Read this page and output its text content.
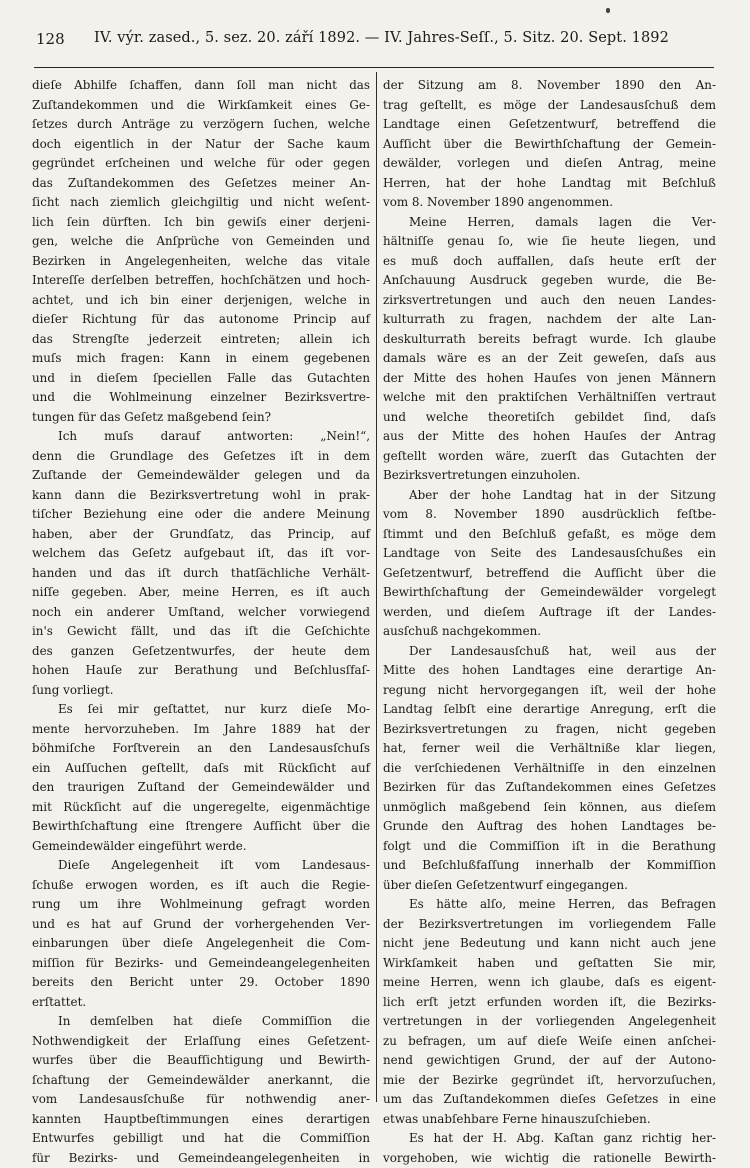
128 IV. výr. zased., 5. sez. 20. září 1892. — IV. Jahres-Seſſ., 5. Sitz. 20. Sept. 1892
dieſe Abhilfe ſchaffen, dann ſoll man nicht das
Zuſtandekommen und die Wirkſamkeit eines Ge-
ſetzes durch Anträge zu verzögern ſuchen, welche
doch eigentlich in der Natur der Sache kaum
gegründet erſcheinen und welche für oder gegen
das Zuſtandekommen des Geſetzes meiner An-
ſicht nach ziemlich gleichgiltig und nicht weſent-
lich ſein dürften. Ich bin gewiſs einer derjeni-
gen, welche die Anſprüche von Gemeinden und
Bezirken in Angelegenheiten, welche das vitale
Intereſſe derſelben betreffen, hochſchätzen und hoch-
achtet, und ich bin einer derjenigen, welche in
dieſer Richtung für das autonome Princip auf
das Strengſte jederzeit eintreten; allein ich
muſs mich fragen: Kann in einem gegebenen
und in dieſem ſpeciellen Falle das Gutachten
und die Wohlmeinung einzelner Bezirksvertre-
tungen für das Geſetz maßgebend ſein?
Ich muſs darauf antworten: „Nein!“,
denn die Grundlage des Geſetzes iſt in dem
Zuſtande der Gemeindewälder gelegen und da
kann dann die Bezirksvertretung wohl in prak-
tiſcher Beziehung eine oder die andere Meinung
haben, aber der Grundſatz, das Princip, auf
welchem das Geſetz aufgebaut iſt, das iſt vor-
handen und das iſt durch thatſächliche Verhält-
niſſe gegeben. Aber, meine Herren, es iſt auch
noch ein anderer Umſtand, welcher vorwiegend
in's Gewicht fällt, und das iſt die Geſchichte
des ganzen Geſetzentwurfes, der heute dem
hohen Hauſe zur Berathung und Beſchlusſfaſ-
ſung vorliegt.
Es ſei mir geſtattet, nur kurz dieſe Mo-
mente hervorzuheben. Im Jahre 1889 hat der
böhmiſche Forſtverein an den Landesausſchuſs
ein Auſſuchen geſtellt, daſs mit Rückſicht auf
den traurigen Zuſtand der Gemeindewälder und
mit Rückſicht auf die ungeregelte, eigenmächtige
Bewirthſchaftung eine ſtrengere Aufſicht über die
Gemeindewälder eingeführt werde.
Dieſe Angelegenheit iſt vom Landesaus-
ſchuße erwogen worden, es iſt auch die Regie-
rung um ihre Wohlmeinung gefragt worden
und es hat auf Grund der vorhergehenden Ver-
einbarungen über dieſe Angelegenheit die Com-
miſſion für Bezirks- und Gemeindeangelegenheiten
bereits den Bericht unter 29. October 1890
erſtattet.
In demſelben hat dieſe Commiſſion die
Nothwendigkeit der Erlaſſung eines Geſetzent-
wurfes über die Beaufſichtigung und Bewirth-
ſchaftung der Gemeindewälder anerkannt, die
vom Landesausſchuße für nothwendig aner-
kannten Hauptbeſtimmungen eines derartigen
Entwurfes gebilligt und hat die Commiſſion
für Bezirks- und Gemeindeangelegenheiten in
der Sitzung am 8. November 1890 den An-
trag geſtellt, es möge der Landesausſchuß dem
Landtage einen Geſetzentwurf, betreffend die
Aufſicht über die Bewirthſchaftung der Gemein-
dewälder, vorlegen und dieſen Antrag, meine
Herren, hat der hohe Landtag mit Beſchluß
vom 8. November 1890 angenommen.
Meine Herren, damals lagen die Ver-
hältniſſe genau ſo, wie ſie heute liegen, und
es muß doch auffallen, daſs heute erſt der
Anſchauung Ausdruck gegeben wurde, die Be-
zirksvertretungen und auch den neuen Landes-
kulturrath zu fragen, nachdem der alte Lan-
deskulturrath bereits befragt wurde. Ich glaube
damals wäre es an der Zeit geweſen, daſs aus
der Mitte des hohen Hauſes von jenen Männern
welche mit den praktiſchen Verhältniſſen vertraut
und welche theoretiſch gebildet ſind, daſs
aus der Mitte des hohen Hauſes der Antrag
geſtellt worden wäre, zuerſt das Gutachten der
Bezirksvertretungen einzuholen.
Aber der hohe Landtag hat in der Sitzung
vom 8. November 1890 ausdrücklich feſtbe-
ſtimmt und den Beſchluß gefaßt, es möge dem
Landtage von Seite des Landesausſchußes ein
Geſetzentwurf, betreffend die Aufſicht über die
Bewirthſchaftung der Gemeindewälder vorgelegt
werden, und dieſem Auftrage iſt der Landes-
ausſchuß nachgekommen.
Der Landesausſchuß hat, weil aus der
Mitte des hohen Landtages eine derartige An-
regung nicht hervorgegangen iſt, weil der hohe
Landtag ſelbſt eine derartige Anregung, erſt die
Bezirksvertretungen zu fragen, nicht gegeben
hat, ferner weil die Verhältniße klar liegen,
die verſchiedenen Verhältniſſe in den einzelnen
Bezirken für das Zuſtandekommen eines Geſetzes
unmöglich maßgebend ſein können, aus dieſem
Grunde den Auftrag des hohen Landtages be-
folgt und die Commiſſion iſt in die Berathung
und Beſchlußfaſſung innerhalb der Kommiſſion
über dieſen Geſetzentwurf eingegangen.
Es hätte alſo, meine Herren, das Befragen
der Bezirksvertretungen im vorliegendem Falle
nicht jene Bedeutung und kann nicht auch jene
Wirkſamkeit haben und geſtatten Sie mir,
meine Herren, wenn ich glaube, daſs es eigent-
lich erſt jetzt erfunden worden iſt, die Bezirks-
vertretungen in der vorliegenden Angelegenheit
zu befragen, um auf dieſe Weiſe einen anſchei-
nend gewichtigen Grund, der auf der Autono-
mie der Bezirke gegründet iſt, hervorzuſuchen,
um das Zuſtandekommen dieſes Geſetzes in eine
etwas unabſehbare Ferne hinauszuſchieben.
Es hat der H. Abg. Kaſtan ganz richtig her-
vorgehoben, wie wichtig die rationelle Bewirth-
